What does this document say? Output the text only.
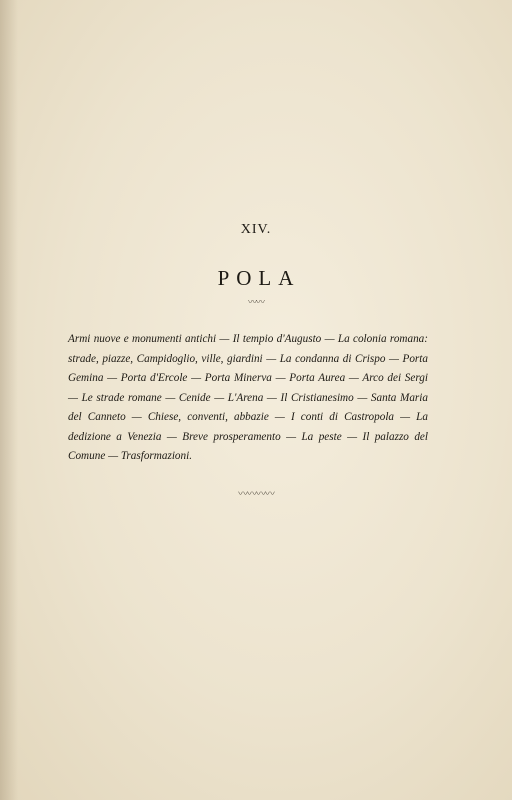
XIV.
POLA
〰〰
Armi nuove e monumenti antichi — Il tempio d'Augusto — La colonia romana: strade, piazze, Campidoglio, ville, giardini — La condanna di Crispo — Porta Gemina — Porta d'Ercole — Porta Minerva — Porta Aurea — Arco dei Sergi — Le strade romane — Cenide — L'Arena — Il Cristianesimo — Santa Maria del Canneto — Chiese, conventi, abbazie — I conti di Castropola — La dedizione a Venezia — Breve prosperamento — La peste — Il palazzo del Comune — Trasformazioni.
〰〰〰〰
